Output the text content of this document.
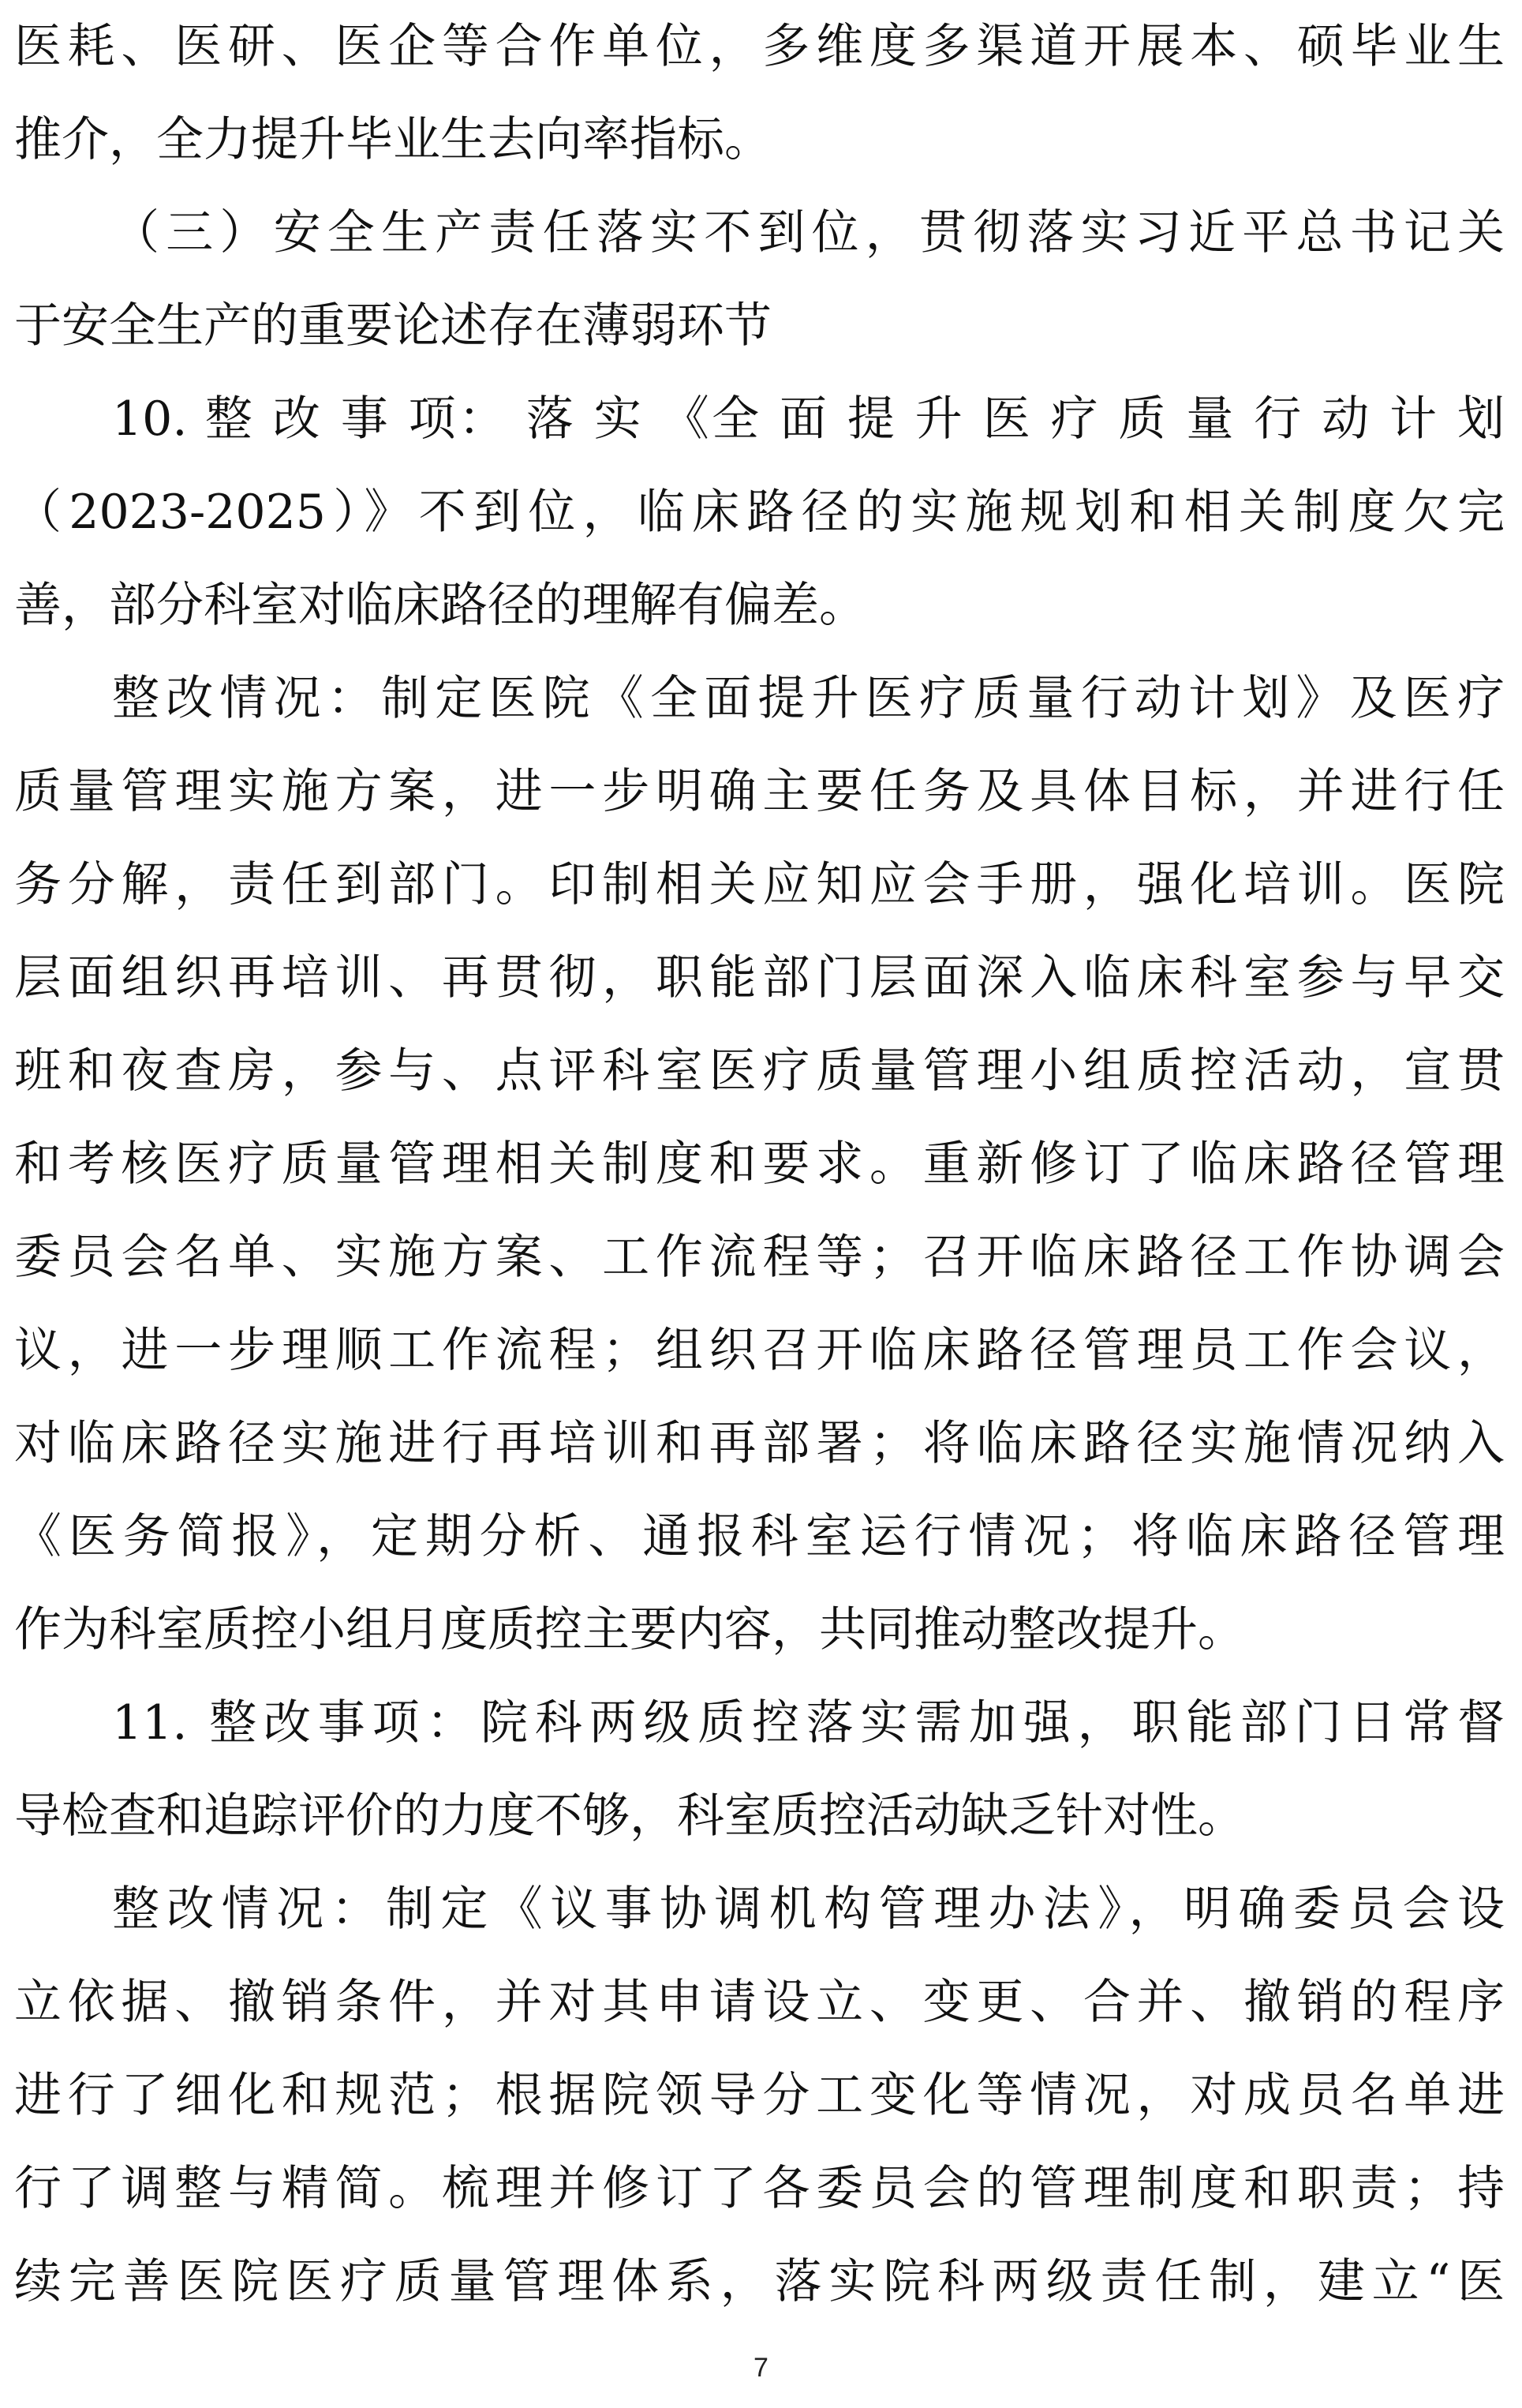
医耗、医研、医企等合作单位，多维度多渠道开展本、硕毕业生
推介，全力提升毕业生去向率指标。
（三）安全生产责任落实不到位，贯彻落实习近平总书记关
于安全生产的重要论述存在薄弱环节
10. 整 改 事 项： 落 实 《全 面 提 升 医 疗 质 量 行 动 计 划
（2023-2025）》不到位，临床路径的实施规划和相关制度欠完
善，部分科室对临床路径的理解有偏差。
整改情况：制定医院《全面提升医疗质量行动计划》及医疗
质量管理实施方案，进一步明确主要任务及具体目标，并进行任
务分解，责任到部门。印制相关应知应会手册，强化培训。医院
层面组织再培训、再贯彻，职能部门层面深入临床科室参与早交
班和夜查房，参与、点评科室医疗质量管理小组质控活动，宣贯
和考核医疗质量管理相关制度和要求。重新修订了临床路径管理
委员会名单、实施方案、工作流程等；召开临床路径工作协调会
议，进一步理顺工作流程；组织召开临床路径管理员工作会议，
对临床路径实施进行再培训和再部署；将临床路径实施情况纳入
《医务简报》，定期分析、通报科室运行情况；将临床路径管理
作为科室质控小组月度质控主要内容，共同推动整改提升。
11. 整改事项：院科两级质控落实需加强，职能部门日常督
导检查和追踪评价的力度不够，科室质控活动缺乏针对性。
整改情况：制定《议事协调机构管理办法》，明确委员会设
立依据、撤销条件，并对其申请设立、变更、合并、撤销的程序
进行了细化和规范；根据院领导分工变化等情况，对成员名单进
行了调整与精简。梳理并修订了各委员会的管理制度和职责；持
续完善医院医疗质量管理体系，落实院科两级责任制，建立“医
7
